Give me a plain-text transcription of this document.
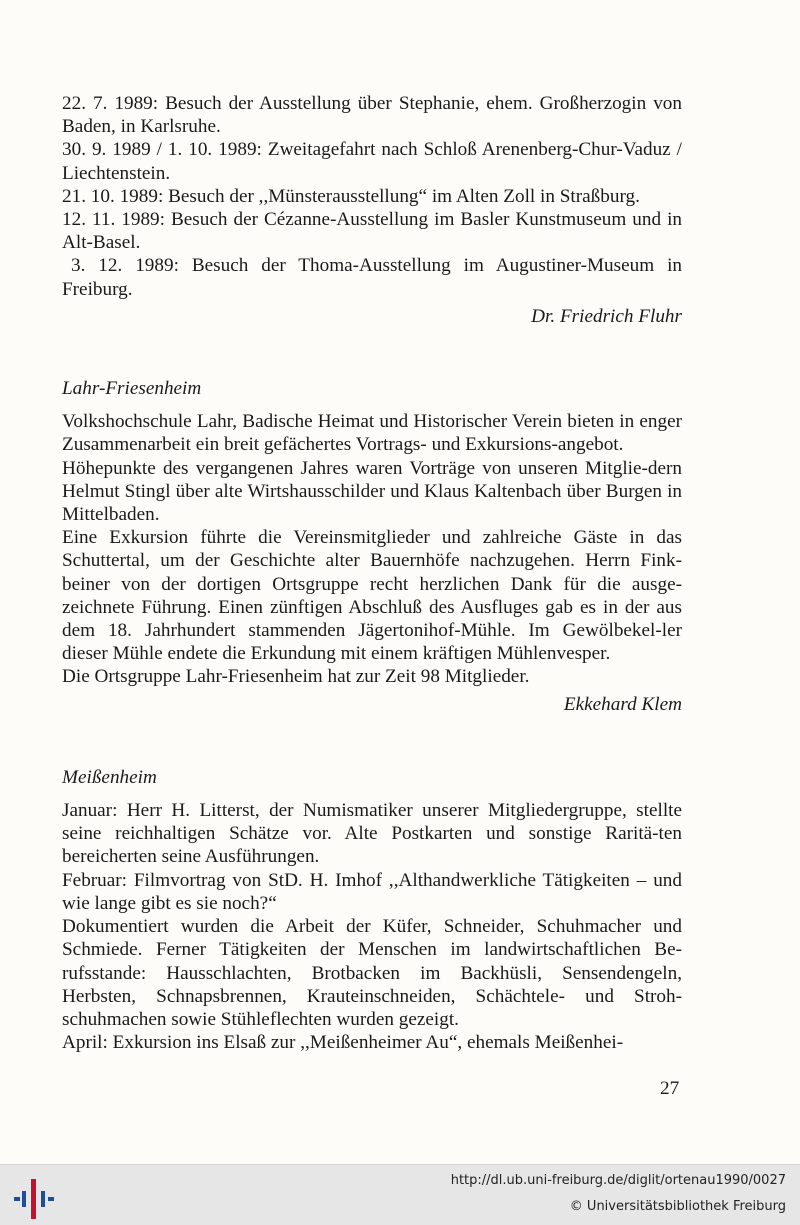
22. 7. 1989: Besuch der Ausstellung über Stephanie, ehem. Großherzogin von Baden, in Karlsruhe.

30. 9. 1989 / 1. 10. 1989: Zweitagefahrt nach Schloß Arenenberg-Chur-Vaduz / Liechtenstein.

21. 10. 1989: Besuch der ,,Münsterausstellung“ im Alten Zoll in Straßburg.

12. 11. 1989: Besuch der Cézanne-Ausstellung im Basler Kunstmuseum und in Alt-Basel.

3. 12. 1989: Besuch der Thoma-Ausstellung im Augustiner-Museum in Freiburg.

Dr. Friedrich Fluhr

Lahr-Friesenheim

Volkshochschule Lahr, Badische Heimat und Historischer Verein bieten in enger Zusammenarbeit ein breit gefächertes Vortrags- und Exkursions-angebot.

Höhepunkte des vergangenen Jahres waren Vorträge von unseren Mitglie-dern Helmut Stingl über alte Wirtshausschilder und Klaus Kaltenbach über Burgen in Mittelbaden.

Eine Exkursion führte die Vereinsmitglieder und zahlreiche Gäste in das Schuttertal, um der Geschichte alter Bauernhöfe nachzugehen. Herrn Fink-beiner von der dortigen Ortsgruppe recht herzlichen Dank für die ausge-zeichnete Führung. Einen zünftigen Abschluß des Ausfluges gab es in der aus dem 18. Jahrhundert stammenden Jägertonihof-Mühle. Im Gewölbekel-ler dieser Mühle endete die Erkundung mit einem kräftigen Mühlenvesper.

Die Ortsgruppe Lahr-Friesenheim hat zur Zeit 98 Mitglieder.

Ekkehard Klem

Meißenheim

Januar: Herr H. Litterst, der Numismatiker unserer Mitgliedergruppe, stellte seine reichhaltigen Schätze vor. Alte Postkarten und sonstige Raritä-ten bereicherten seine Ausführungen.

Februar: Filmvortrag von StD. H. Imhof ,,Althandwerkliche Tätigkeiten – und wie lange gibt es sie noch?“

Dokumentiert wurden die Arbeit der Küfer, Schneider, Schuhmacher und Schmiede. Ferner Tätigkeiten der Menschen im landwirtschaftlichen Be-rufsstande: Hausschlachten, Brotbacken im Backhüsli, Sensendengeln, Herbsten, Schnapsbrennen, Krauteinschneiden, Schächtele- und Stroh-schuhmachen sowie Stühleflechten wurden gezeigt.

April: Exkursion ins Elsaß zur ,,Meißenheimer Au“, ehemals Meißenhei-

27
http://dl.ub.uni-freiburg.de/diglit/ortenau1990/0027
© Universitätsbibliothek Freiburg
